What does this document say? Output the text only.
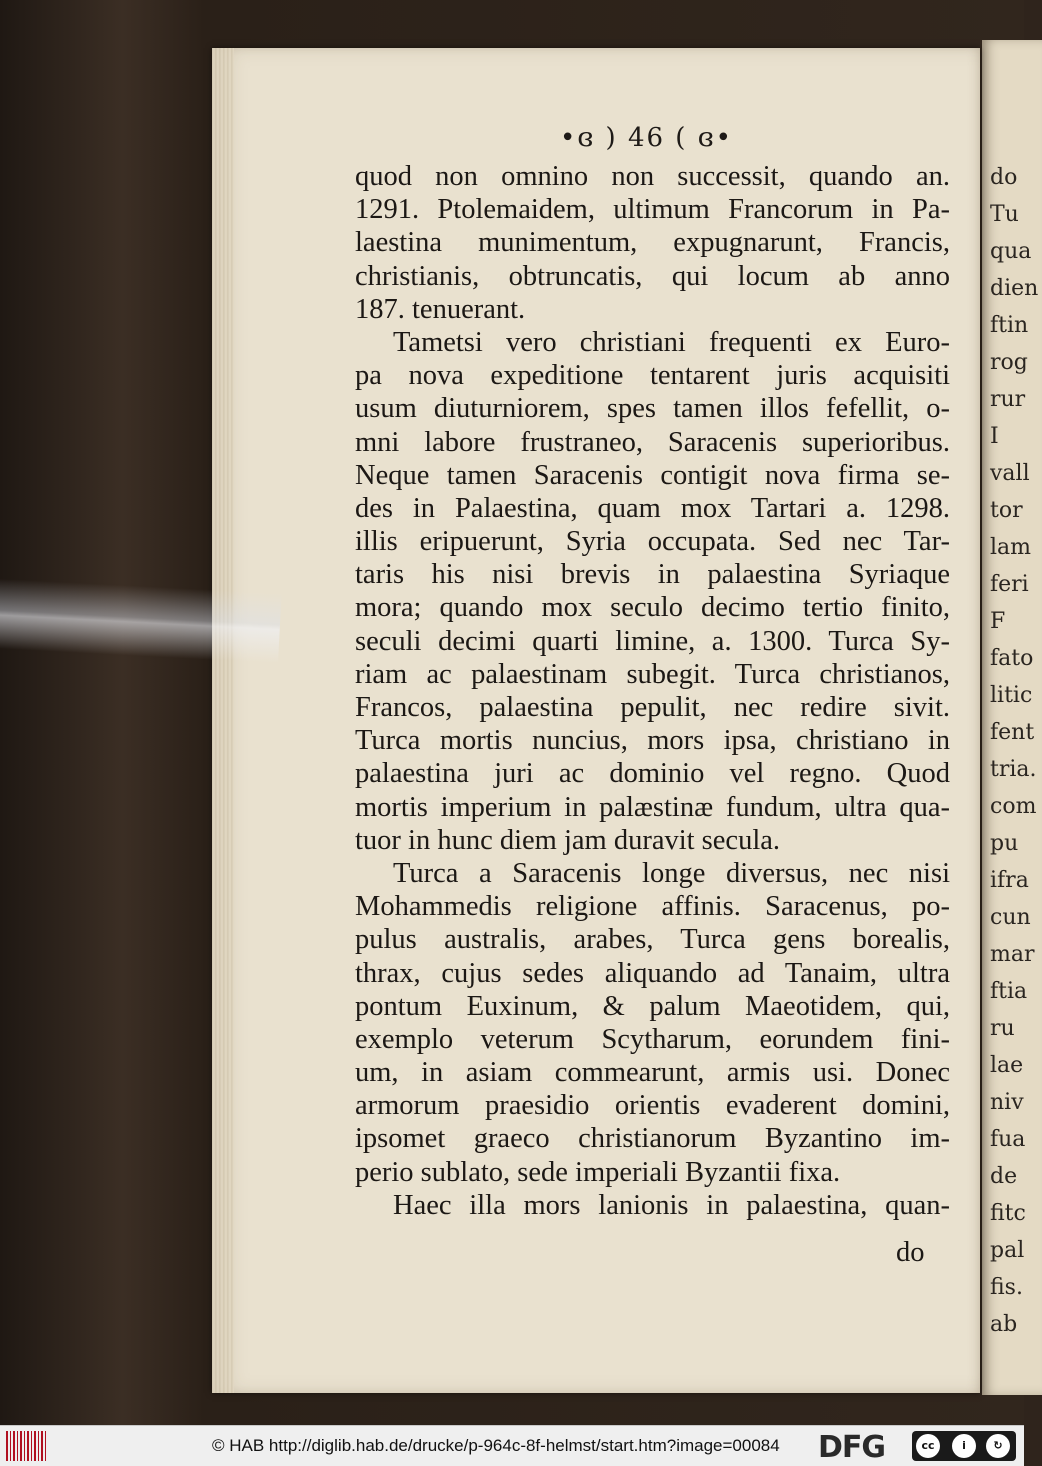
do
Tu
qua
dien
ftin
rog
rur
I
vall
tor
lam
feri
F
fato
litic
fent
tria.
com
pu
ifra
cun
mar
ftia
ru
lae
niv
fua
de
fitc
pal
fis.
ab
•ɞ ) 46 ( ɞ•
quod non omnino non successit, quando an.
1291. Ptolemaidem, ultimum Francorum in Pa-
laestina munimentum, expugnarunt, Francis,
christianis, obtruncatis, qui locum ab anno
187. tenuerant.
Tametsi vero christiani frequenti ex Euro-
pa nova expeditione tentarent juris acquisiti
usum diuturniorem, spes tamen illos fefellit, o-
mni labore frustraneo, Saracenis superioribus.
Neque tamen Saracenis contigit nova firma se-
des in Palaestina, quam mox Tartari a. 1298.
illis eripuerunt, Syria occupata. Sed nec Tar-
taris his nisi brevis in palaestina Syriaque
mora; quando mox seculo decimo tertio finito,
seculi decimi quarti limine, a. 1300. Turca Sy-
riam ac palaestinam subegit. Turca christianos,
Francos, palaestina pepulit, nec redire sivit.
Turca mortis nuncius, mors ipsa, christiano in
palaestina juri ac dominio vel regno. Quod
mortis imperium in palæstinæ fundum, ultra qua-
tuor in hunc diem jam duravit secula.
Turca a Saracenis longe diversus, nec nisi
Mohammedis religione affinis. Saracenus, po-
pulus australis, arabes, Turca gens borealis,
thrax, cujus sedes aliquando ad Tanaim, ultra
pontum Euxinum, & palum Maeotidem, qui,
exemplo veterum Scytharum, eorundem fini-
um, in asiam commearunt, armis usi. Donec
armorum praesidio orientis evaderent domini,
ipsomet graeco christianorum Byzantino im-
perio sublato, sede imperiali Byzantii fixa.
Haec illa mors lanionis in palaestina, quan-
do
© HAB http://diglib.hab.de/drucke/p-964c-8f-helmst/start.htm?image=00084 DFG	cc	i	↻
BY	SA
